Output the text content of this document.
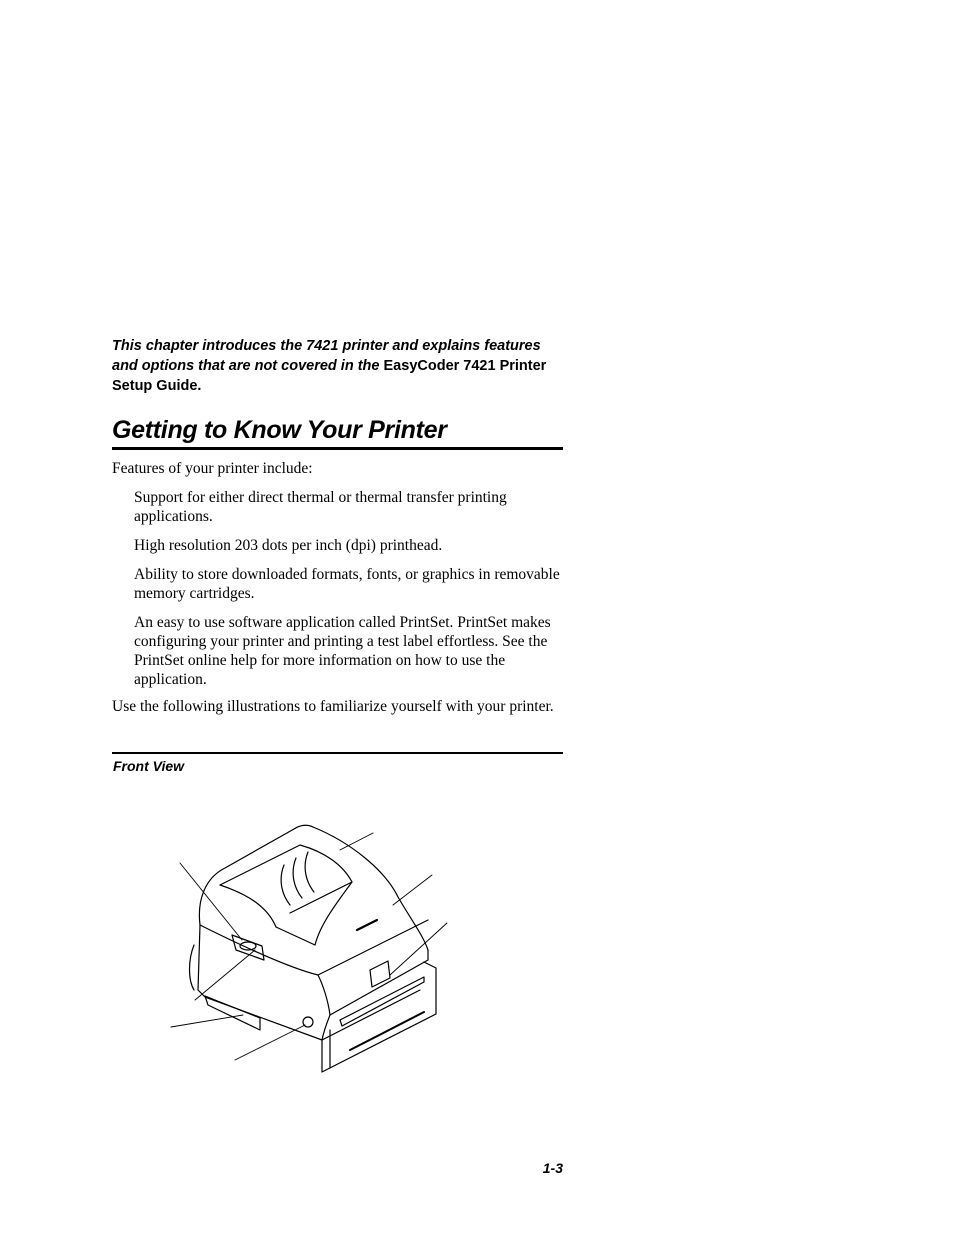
This chapter introduces the 7421 printer and explains features and options that are not covered in the EasyCoder 7421 Printer Setup Guide.

Getting to Know Your Printer

Features of your printer include:

Support for either direct thermal or thermal transfer printing applications.
High resolution 203 dots per inch (dpi) printhead.
Ability to store downloaded formats, fonts, or graphics in removable memory cartridges.
An easy to use software application called PrintSet. PrintSet makes configuring your printer and printing a test label effortless. See the PrintSet online help for more information on how to use the application.

Use the following illustrations to familiarize yourself with your printer.

Front View

1-3
